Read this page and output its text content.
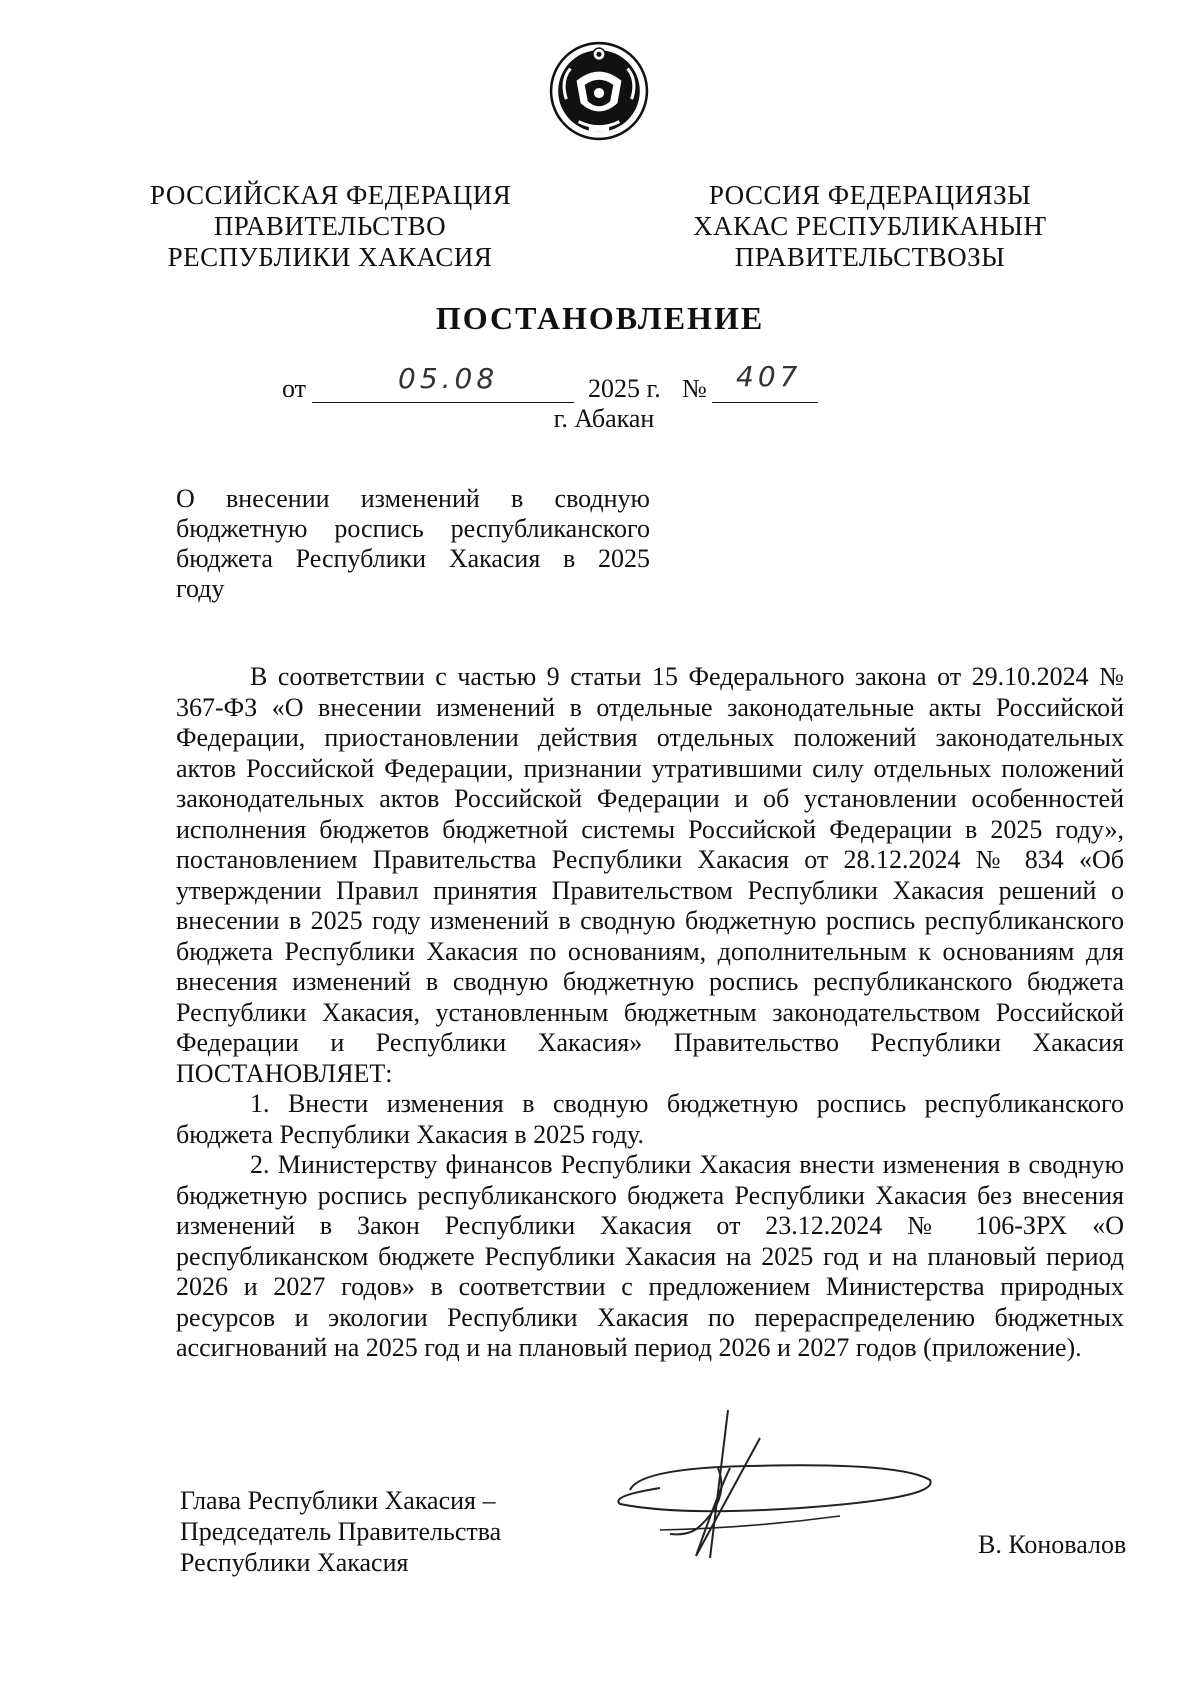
РОССИЙСКАЯ ФЕДЕРАЦИЯ
ПРАВИТЕЛЬСТВО
РЕСПУБЛИКИ ХАКАСИЯ
РОССИЯ ФЕДЕРАЦИЯЗЫ
ХАКАС РЕСПУБЛИКАНЫҤ
ПРАВИТЕЛЬСТВОЗЫ
ПОСТАНОВЛЕНИЕ
от	05.08	2025 г. № 407
г. Абакан
О внесении изменений в сводную
бюджетную роспись республиканского
бюджета Республики Хакасия в 2025
году

В соответствии с частью 9 статьи 15 Федерального закона от 29.10.2024 № 367-ФЗ «О внесении изменений в отдельные законодательные акты Российской Федерации, приостановлении действия отдельных положений законодательных актов Российской Федерации, признании утратившими силу отдельных положений законодательных актов Российской Федерации и об установлении особенностей исполнения бюджетов бюджетной системы Российской Федерации в 2025 году», постановлением Правительства Республики Хакасия от 28.12.2024 № 834 «Об утверждении Правил принятия Правительством Республики Хакасия решений о внесении в 2025 году изменений в сводную бюджетную роспись республиканского бюджета Республики Хакасия по основаниям, дополнительным к основаниям для внесения изменений в сводную бюджетную роспись республиканского бюджета Республики Хакасия, установленным бюджетным законодательством Российской Федерации и Республики Хакасия» Правительство Республики Хакасия ПОСТАНОВЛЯЕТ:

1. Внести изменения в сводную бюджетную роспись республиканского бюджета Республики Хакасия в 2025 году.

2. Министерству финансов Республики Хакасия внести изменения в сводную бюджетную роспись республиканского бюджета Республики Хакасия без внесения изменений в Закон Республики Хакасия от 23.12.2024 № 106-ЗРХ «О республиканском бюджете Республики Хакасия на 2025 год и на плановый период 2026 и 2027 годов» в соответствии с предложением Министерства природных ресурсов и экологии Республики Хакасия по перераспределению бюджетных ассигнований на 2025 год и на плановый период 2026 и 2027 годов (приложение).

Глава Республики Хакасия –
Председатель Правительства
Республики Хакасия
В. Коновалов
